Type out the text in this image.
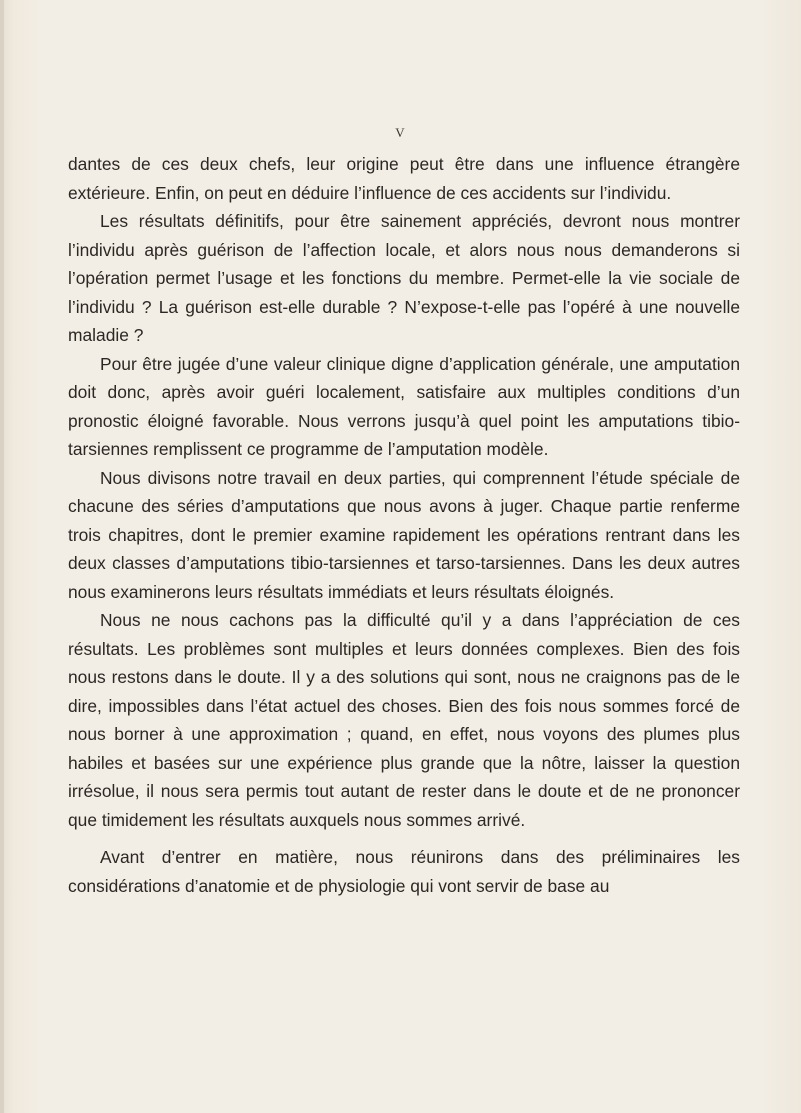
V

dantes de ces deux chefs, leur origine peut être dans une influence étrangère extérieure. Enfin, on peut en déduire l’influence de ces accidents sur l’individu.

Les résultats définitifs, pour être sainement appréciés, devront nous montrer l’individu après guérison de l’affection locale, et alors nous nous demanderons si l’opération permet l’usage et les fonctions du membre. Permet-elle la vie sociale de l’individu ? La guérison est-elle durable ? N’expose-t-elle pas l’opéré à une nouvelle maladie ?

Pour être jugée d’une valeur clinique digne d’application générale, une amputation doit donc, après avoir guéri localement, satisfaire aux multiples conditions d’un pronostic éloigné favorable. Nous verrons jusqu’à quel point les amputations tibio-tarsiennes remplissent ce programme de l’amputation modèle.

Nous divisons notre travail en deux parties, qui comprennent l’étude spéciale de chacune des séries d’amputations que nous avons à juger. Chaque partie renferme trois chapitres, dont le premier examine rapidement les opérations rentrant dans les deux classes d’amputations tibio-tarsiennes et tarso-tarsiennes. Dans les deux autres nous examinerons leurs résultats immédiats et leurs résultats éloignés.

Nous ne nous cachons pas la difficulté qu’il y a dans l’appréciation de ces résultats. Les problèmes sont multiples et leurs données complexes. Bien des fois nous restons dans le doute. Il y a des solutions qui sont, nous ne craignons pas de le dire, impossibles dans l’état actuel des choses. Bien des fois nous sommes forcé de nous borner à une approximation ; quand, en effet, nous voyons des plumes plus habiles et basées sur une expérience plus grande que la nôtre, laisser la question irrésolue, il nous sera permis tout autant de rester dans le doute et de ne prononcer que timidement les résultats auxquels nous sommes arrivé.

Avant d’entrer en matière, nous réunirons dans des préliminaires les considérations d’anatomie et de physiologie qui vont servir de base au
